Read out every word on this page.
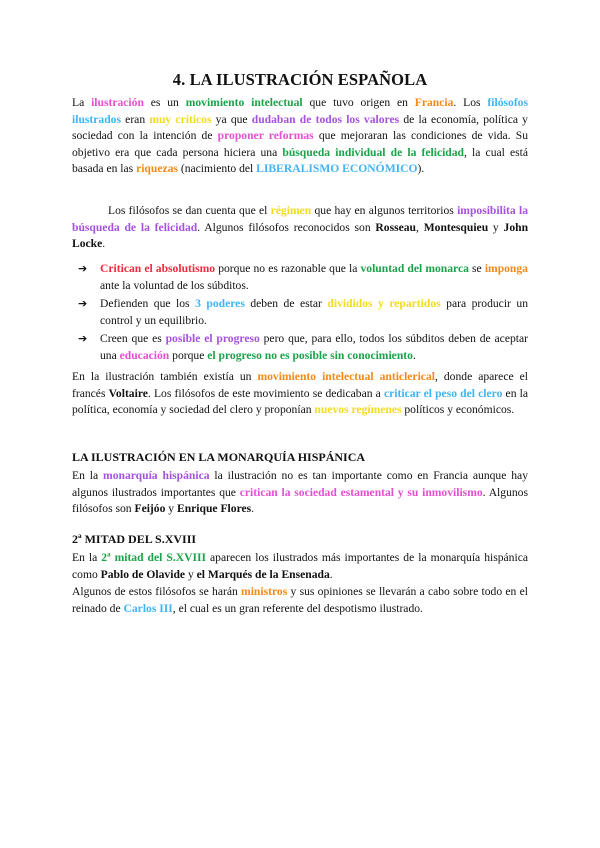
4. LA ILUSTRACIÓN ESPAÑOLA

La ilustración es un movimiento intelectual que tuvo origen en Francia. Los filósofos ilustrados eran muy críticos ya que dudaban de todos los valores de la economía, política y sociedad con la intención de proponer reformas que mejoraran las condiciones de vida. Su objetivo era que cada persona hiciera una búsqueda individual de la felicidad, la cual está basada en las riquezas (nacimiento del LIBERALISMO ECONÓMICO).

Los filósofos se dan cuenta que el régimen que hay en algunos territorios imposibilita la búsqueda de la felicidad. Algunos filósofos reconocidos son Rosseau, Montesquieu y John Locke.

➔	Critican el absolutismo porque no es razonable que la voluntad del monarca se imponga ante la voluntad de los súbditos.
➔	Defienden que los 3 poderes deben de estar divididos y repartidos para producir un control y un equilibrio.
➔	Creen que es posible el progreso pero que, para ello, todos los súbditos deben de aceptar una educación porque el progreso no es posible sin conocimiento.

En la ilustración también existía un movimiento intelectual anticlerical, donde aparece el francés Voltaire. Los filósofos de este movimiento se dedicaban a criticar el peso del clero en la política, economía y sociedad del clero y proponían nuevos regímenes políticos y económicos.

LA ILUSTRACIÓN EN LA MONARQUÍA HISPÁNICA

En la monarquía hispánica la ilustración no es tan importante como en Francia aunque hay algunos ilustrados importantes que critican la sociedad estamental y su inmovilismo. Algunos filósofos son Feijóo y Enrique Flores.

2ª MITAD DEL S.XVIII

En la 2ª mitad del S.XVIII aparecen los ilustrados más importantes de la monarquía hispánica como Pablo de Olavide y el Marqués de la Ensenada.

Algunos de estos filósofos se harán ministros y sus opiniones se llevarán a cabo sobre todo en el reinado de Carlos III, el cual es un gran referente del despotismo ilustrado.
